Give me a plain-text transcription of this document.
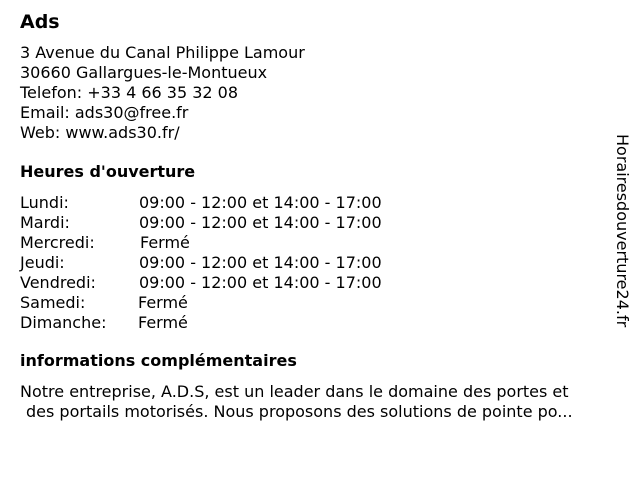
Ads
3 Avenue du Canal Philippe Lamour
30660 Gallargues-le-Montueux
Telefon: +33 4 66 35 32 08
Email: ads30@free.fr
Web: www.ads30.fr/
Heures d'ouverture
Lundi:	09:00 - 12:00 et 14:00 - 17:00
Mardi:	09:00 - 12:00 et 14:00 - 17:00
Mercredi:	Fermé
Jeudi:	09:00 - 12:00 et 14:00 - 17:00
Vendredi:	09:00 - 12:00 et 14:00 - 17:00
Samedi:	Fermé
Dimanche:	Fermé
informations complémentaires
Notre entreprise, A.D.S, est un leader dans le domaine des portes et
des portails motorisés. Nous proposons des solutions de pointe po...
Horairesdouverture24.fr
